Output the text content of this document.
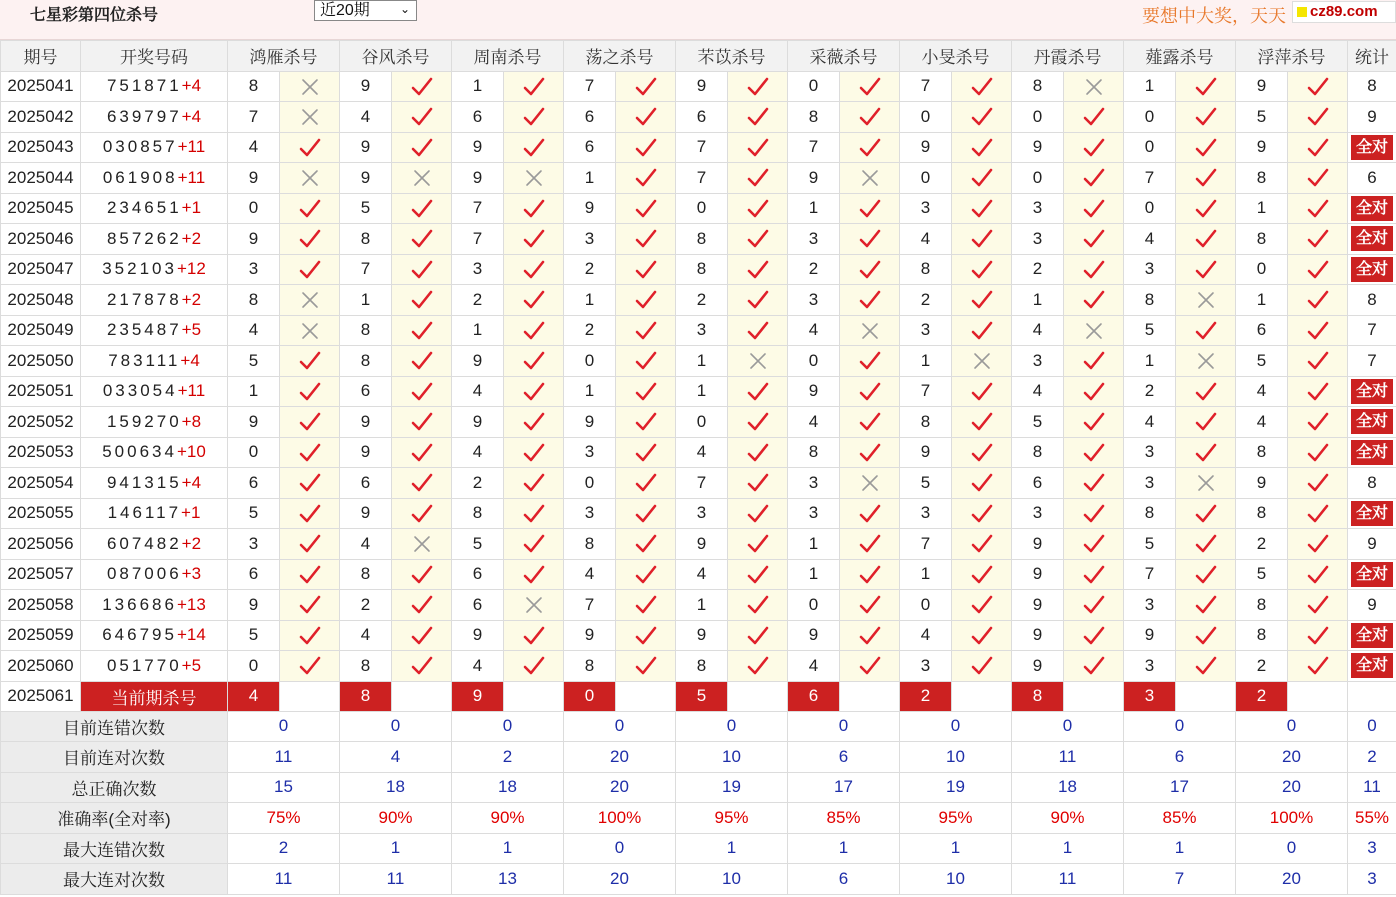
七星彩第四位杀号	近20期	⌄	要想中大奖，天天	cz89.com
期号	开奖号码	鸿雁杀号		谷风杀号		周南杀号		荡之杀号		芣苡杀号		采薇杀号		小旻杀号		丹霞杀号		薤露杀号		浮萍杀号		统计
2025041	751871+4	8		9		1		7		9		0		7		8		1		9		8
2025042	639797+4	7		4		6		6		6		8		0		0		0		5		9
2025043	030857+11	4		9		9		6		7		7		9		9		0		9		全对
2025044	061908+11	9		9		9		1		7		9		0		0		7		8		6
2025045	234651+1	0		5		7		9		0		1		3		3		0		1		全对
2025046	857262+2	9		8		7		3		8		3		4		3		4		8		全对
2025047	352103+12	3		7		3		2		8		2		8		2		3		0		全对
2025048	217878+2	8		1		2		1		2		3		2		1		8		1		8
2025049	235487+5	4		8		1		2		3		4		3		4		5		6		7
2025050	783111+4	5		8		9		0		1		0		1		3		1		5		7
2025051	033054+11	1		6		4		1		1		9		7		4		2		4		全对
2025052	159270+8	9		9		9		9		0		4		8		5		4		4		全对
2025053	500634+10	0		9		4		3		4		8		9		8		3		8		全对
2025054	941315+4	6		6		2		0		7		3		5		6		3		9		8
2025055	146117+1	5		9		8		3		3		3		3		3		8		8		全对
2025056	607482+2	3		4		5		8		9		1		7		9		5		2		9
2025057	087006+3	6		8		6		4		4		1		1		9		7		5		全对
2025058	136686+13	9		2		6		7		1		0		0		9		3		8		9
2025059	646795+14	5		4		9		9		9		9		4		9		9		8		全对
2025060	051770+5	0		8		4		8		8		4		3		9		3		2		全对
2025061	当前期杀号	4		8		9		0		5		6		2		8		3		2		
目前连错次数		0		0		0		0		0		0		0		0		0		0		0
目前连对次数		11		4		2		20		10		6		10		11		6		20		2
总正确次数		15		18		18		20		19		17		19		18		17		20		11
准确率(全对率)		75%		90%		90%		100%		95%		85%		95%		90%		85%		100%		55%
最大连错次数		2		1		1		0		1		1		1		1		1		0		3
最大连对次数		11		11		13		20		10		6		10		11		7		20		3
